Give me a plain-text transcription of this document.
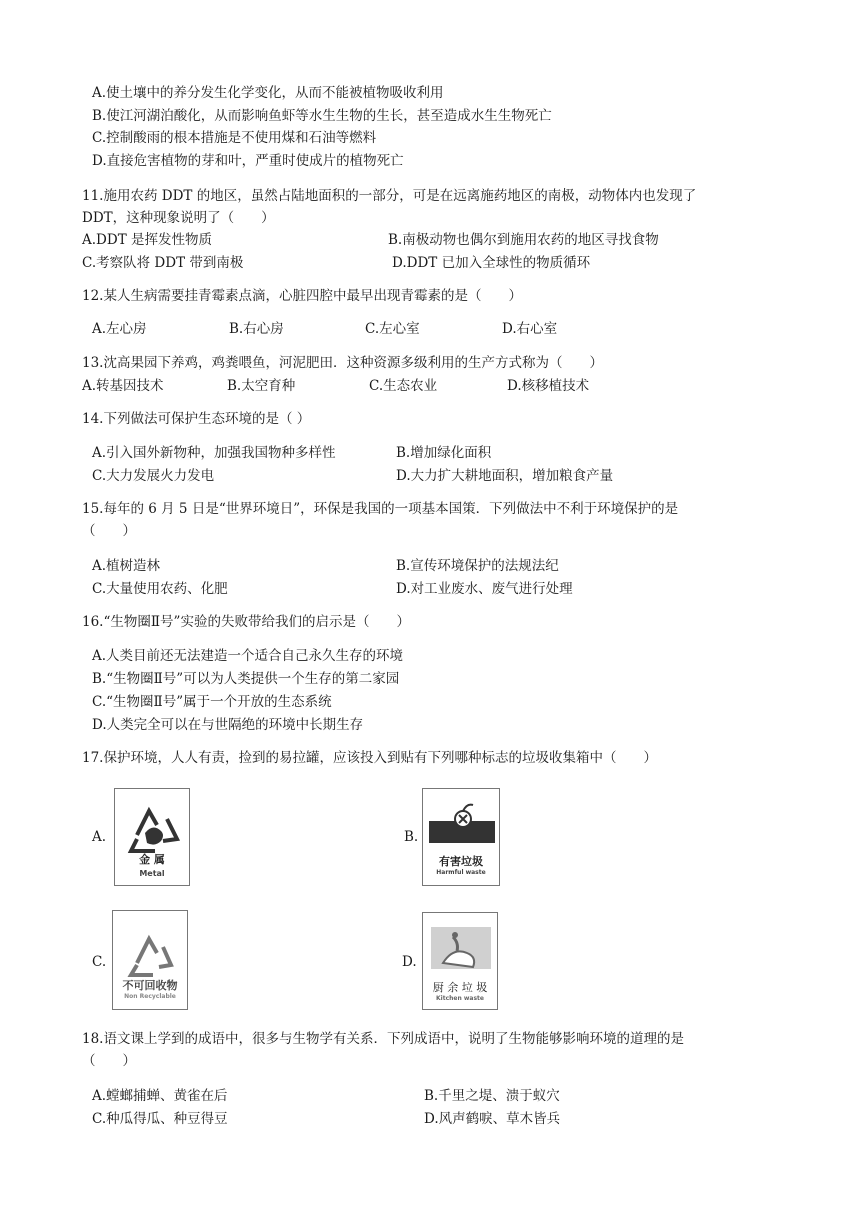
A.使土壤中的养分发生化学变化，从而不能被植物吸收利用
B.使江河湖泊酸化，从而影响鱼虾等水生生物的生长，甚至造成水生生物死亡
C.控制酸雨的根本措施是不使用煤和石油等燃料
D.直接危害植物的芽和叶，严重时使成片的植物死亡
11.施用农药 DDT 的地区，虽然占陆地面积的一部分，可是在远离施药地区的南极，动物体内也发现了
DDT，这种现象说明了（　　）
A.DDT 是挥发性物质	B.南极动物也偶尔到施用农药的地区寻找食物
C.考察队将 DDT 带到南极	D.DDT 已加入全球性的物质循环
12.某人生病需要挂青霉素点滴，心脏四腔中最早出现青霉素的是（　　）
A.左心房	B.右心房	C.左心室	D.右心室
13.沈高果园下养鸡，鸡粪喂鱼，河泥肥田．这种资源多级利用的生产方式称为（　　）
A.转基因技术	B.太空育种	C.生态农业	D.核移植技术
14.下列做法可保护生态环境的是（ ）
A.引入国外新物种，加强我国物种多样性	B.增加绿化面积
C.大力发展火力发电	D.大力扩大耕地面积，增加粮食产量
15.每年的 6 月 5 日是“世界环境日”，环保是我国的一项基本国策．下列做法中不利于环境保护的是
（　　）
A.植树造林	B.宣传环境保护的法规法纪
C.大量使用农药、化肥	D.对工业废水、废气进行处理
16.“生物圈Ⅱ号”实验的失败带给我们的启示是（　　）
A.人类目前还无法建造一个适合自己永久生存的环境
B.“生物圈Ⅱ号”可以为人类提供一个生存的第二家园
C.“生物圈Ⅱ号”属于一个开放的生态系统
D.人类完全可以在与世隔绝的环境中长期生存
17.保护环境，人人有责，捡到的易拉罐，应该投入到贴有下列哪种标志的垃圾收集箱中（　　）
A.
金 属
Metal
B.
有害垃圾
Harmful waste
C.
不可回收物
Non Recyclable
D.
厨 余 垃 圾
Kitchen waste
18.语文课上学到的成语中，很多与生物学有关系．下列成语中，说明了生物能够影响环境的道理的是
（　　）
A.螳螂捕蝉、黄雀在后	B.千里之堤、溃于蚁穴
C.种瓜得瓜、种豆得豆	D.风声鹤唳、草木皆兵
